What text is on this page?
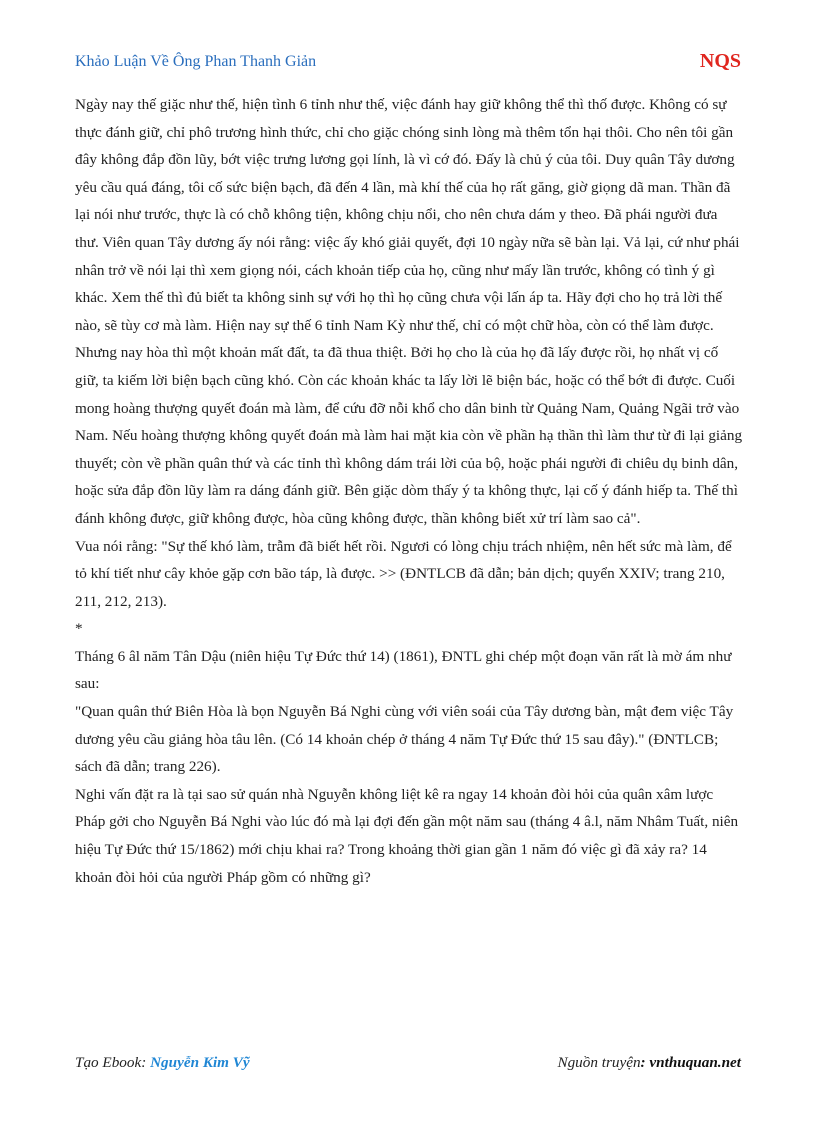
Khảo Luận Về Ông Phan Thanh Giản	NQS

Ngày nay thế giặc như thế, hiện tình 6 tỉnh như thế, việc đánh hay giữ không thể thì thố được. Không có sự thực đánh giữ, chỉ phô trương hình thức, chỉ cho giặc chóng sinh lòng mà thêm tổn hại thôi. Cho nên tôi gần đây không đắp đồn lũy, bớt việc trưng lương gọi lính, là vì cớ đó. Đấy là chủ ý của tôi. Duy quân Tây dương yêu cầu quá đáng, tôi cố sức biện bạch, đã đến 4 lần, mà khí thế của họ rất găng, giờ giọng dã man. Thần đã lại nói như trước, thực là có chỗ không tiện, không chịu nổi, cho nên chưa dám y theo. Đã phái người đưa thư. Viên quan Tây dương ấy nói rằng: việc ấy khó giải quyết, đợi 10 ngày nữa sẽ bàn lại. Vả lại, cứ như phái nhân trở về nói lại thì xem giọng nói, cách khoản tiếp của họ, cũng như mấy lần trước, không có tình ý gì khác. Xem thế thì đủ biết ta không sinh sự với họ thì họ cũng chưa vội lấn áp ta. Hãy đợi cho họ trả lời thế nào, sẽ tùy cơ mà làm. Hiện nay sự thế 6 tỉnh Nam Kỳ như thế, chỉ có một chữ hòa, còn có thể làm được. Nhưng nay hòa thì một khoản mất đất, ta đã thua thiệt. Bởi họ cho là của họ đã lấy được rồi, họ nhất vị cố giữ, ta kiếm lời biện bạch cũng khó. Còn các khoản khác ta lấy lời lẽ biện bác, hoặc có thể bớt đi được. Cuối mong hoàng thượng quyết đoán mà làm, để cứu đỡ nỗi khổ cho dân binh từ Quảng Nam, Quảng Ngãi trở vào Nam. Nếu hoàng thượng không quyết đoán mà làm hai mặt kia còn về phần hạ thần thì làm thư từ đi lại giảng thuyết; còn về phần quân thứ và các tỉnh thì không dám trái lời của bộ, hoặc phái người đi chiêu dụ binh dân, hoặc sửa đắp đồn lũy làm ra dáng đánh giữ. Bên giặc dòm thấy ý ta không thực, lại cố ý đánh hiếp ta. Thế thì đánh không được, giữ không được, hòa cũng không được, thần không biết xử trí làm sao cả".

Vua nói rằng: "Sự thế khó làm, trẫm đã biết hết rồi. Ngươi có lòng chịu trách nhiệm, nên hết sức mà làm, để tỏ khí tiết như cây khỏe gặp cơn bão táp, là được. >> (ĐNTLCB đã dẫn; bản dịch; quyển XXIV; trang 210, 211, 212, 213).

*

Tháng 6 âl năm Tân Dậu (niên hiệu Tự Đức thứ 14) (1861), ĐNTL ghi chép một đoạn văn rất là mờ ám như sau:

"Quan quân thứ Biên Hòa là bọn Nguyễn Bá Nghi cùng với viên soái của Tây dương bàn, mật đem việc Tây dương yêu cầu giảng hòa tâu lên. (Có 14 khoản chép ở tháng 4 năm Tự Đức thứ 15 sau đây)." (ĐNTLCB; sách đã dẫn; trang 226).

Nghi vấn đặt ra là tại sao sử quán nhà Nguyễn không liệt kê ra ngay 14 khoản đòi hỏi của quân xâm lược Pháp gởi cho Nguyễn Bá Nghi vào lúc đó mà lại đợi đến gần một năm sau (tháng 4 â.l, năm Nhâm Tuất, niên hiệu Tự Đức thứ 15/1862) mới chịu khai ra? Trong khoảng thời gian gần 1 năm đó việc gì đã xảy ra? 14 khoản đòi hỏi của người Pháp gồm có những gì?

Tạo Ebook: Nguyễn Kim Vỹ	Nguồn truyện: vnthuquan.net
